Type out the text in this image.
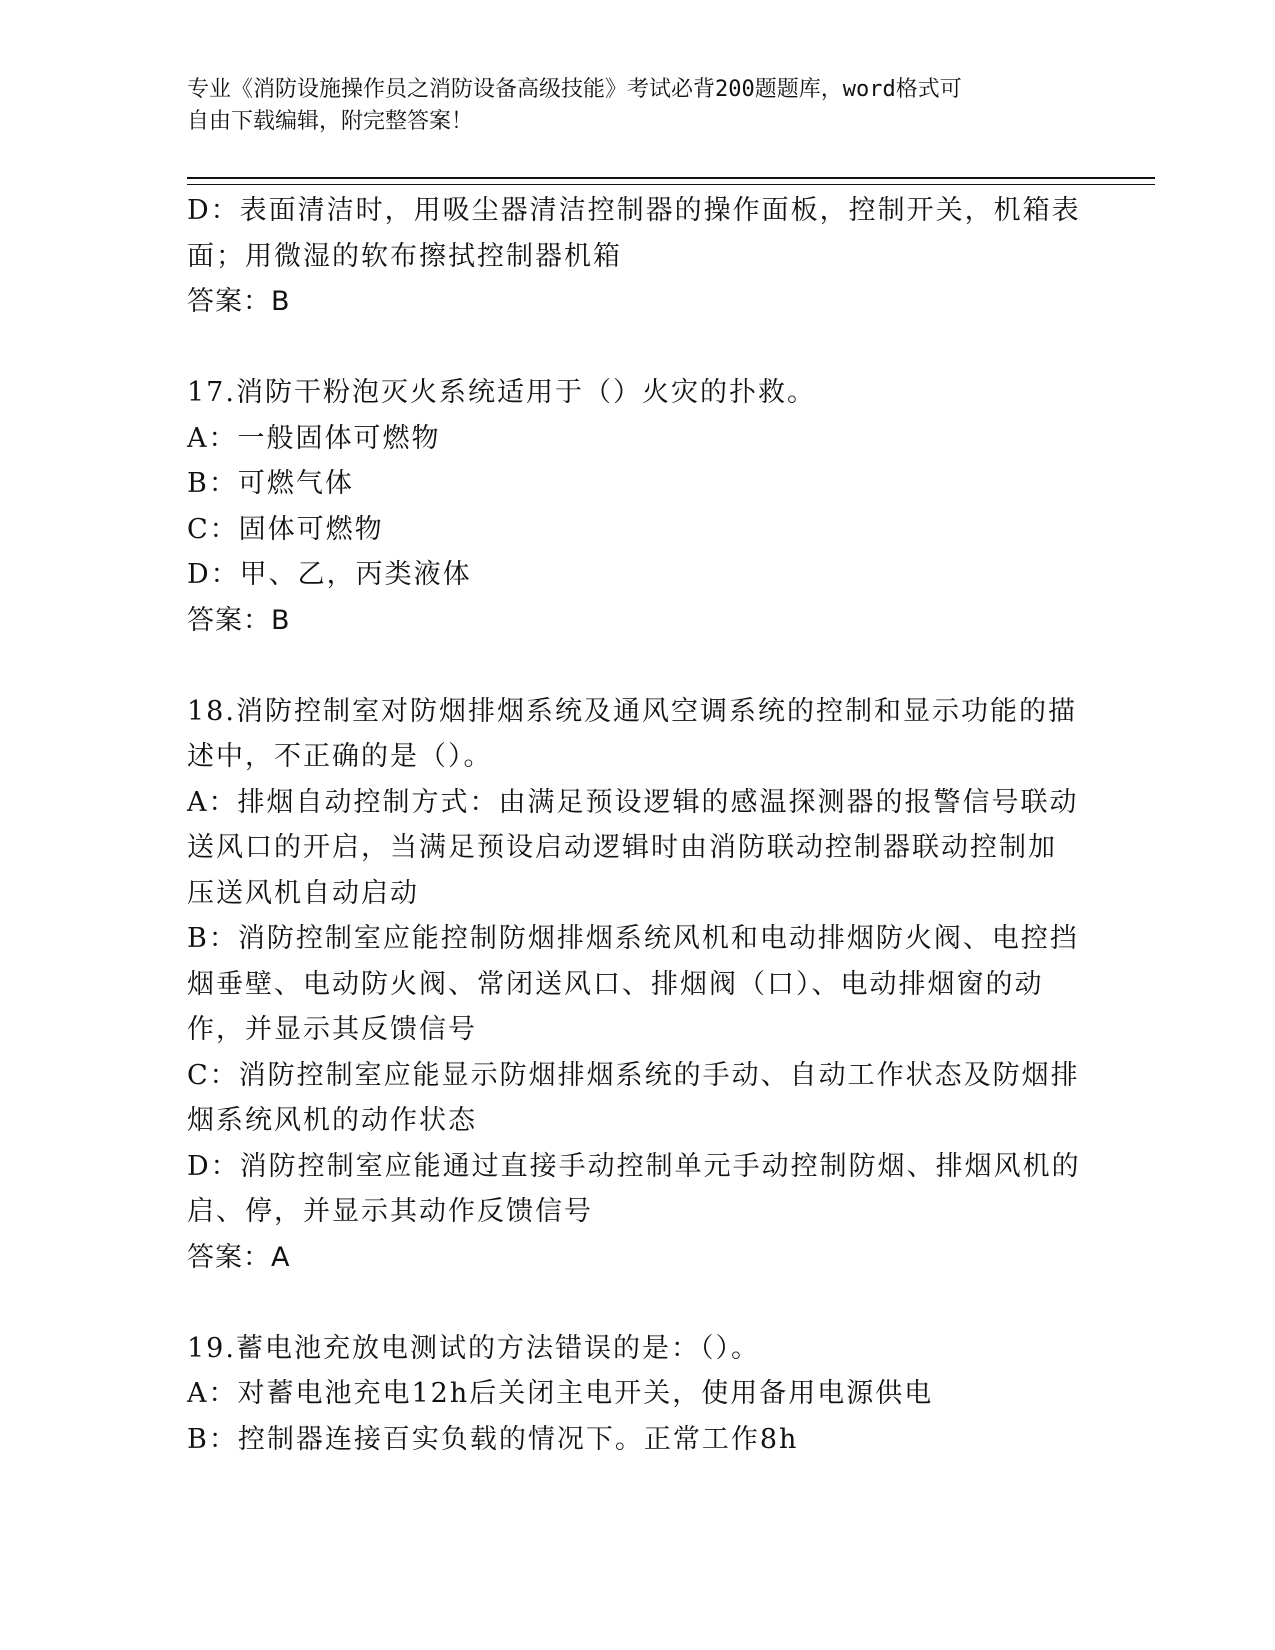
专业《消防设施操作员之消防设备高级技能》考试必背200题题库，word格式可
自由下载编辑，附完整答案！

D：表面清洁时，用吸尘器清洁控制器的操作面板，控制开关，机箱表

面；用微湿的软布擦拭控制器机箱

答案：B

17.消防干粉泡灭火系统适用于（）火灾的扑救。

A：一般固体可燃物

B：可燃气体

C：固体可燃物

D：甲、乙，丙类液体

答案：B

18.消防控制室对防烟排烟系统及通风空调系统的控制和显示功能的描

述中，不正确的是（）。

A：排烟自动控制方式：由满足预设逻辑的感温探测器的报警信号联动

送风口的开启，当满足预设启动逻辑时由消防联动控制器联动控制加

压送风机自动启动

B：消防控制室应能控制防烟排烟系统风机和电动排烟防火阀、电控挡

烟垂壁、电动防火阀、常闭送风口、排烟阀（口）、电动排烟窗的动

作，并显示其反馈信号

C：消防控制室应能显示防烟排烟系统的手动、自动工作状态及防烟排

烟系统风机的动作状态

D：消防控制室应能通过直接手动控制单元手动控制防烟、排烟风机的

启、停，并显示其动作反馈信号

答案：A

19.蓄电池充放电测试的方法错误的是：（）。

A：对蓄电池充电12h后关闭主电开关，使用备用电源供电

B：控制器连接百实负载的情况下。正常工作8h
